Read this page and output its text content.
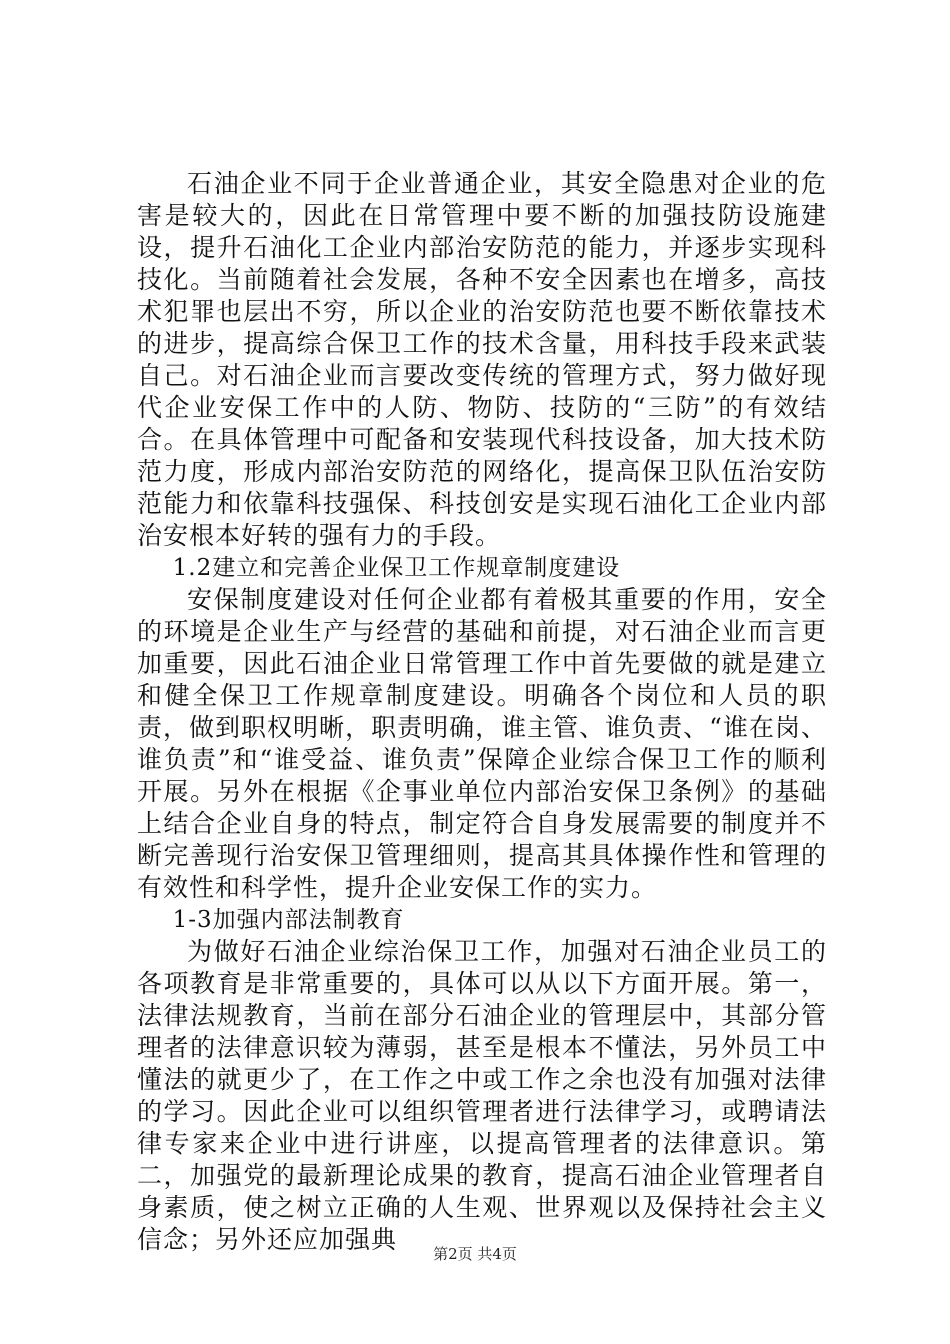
石油企业不同于企业普通企业，其安全隐患对企业的危害是较大的，因此在日常管理中要不断的加强技防设施建设，提升石油化工企业内部治安防范的能力，并逐步实现科技化。当前随着社会发展，各种不安全因素也在增多，高技术犯罪也层出不穷，所以企业的治安防范也要不断依靠技术的进步，提高综合保卫工作的技术含量，用科技手段来武装自己。对石油企业而言要改变传统的管理方式，努力做好现代企业安保工作中的人防、物防、技防的“三防”的有效结合。在具体管理中可配备和安装现代科技设备，加大技术防范力度，形成内部治安防范的网络化，提高保卫队伍治安防范能力和依靠科技强保、科技创安是实现石油化工企业内部治安根本好转的强有力的手段。

1.2建立和完善企业保卫工作规章制度建设

安保制度建设对任何企业都有着极其重要的作用，安全的环境是企业生产与经营的基础和前提，对石油企业而言更加重要，因此石油企业日常管理工作中首先要做的就是建立和健全保卫工作规章制度建设。明确各个岗位和人员的职责，做到职权明晰，职责明确，谁主管、谁负责、“谁在岗、谁负责”和“谁受益、谁负责”保障企业综合保卫工作的顺利开展。另外在根据《企事业单位内部治安保卫条例》的基础上结合企业自身的特点，制定符合自身发展需要的制度并不断完善现行治安保卫管理细则，提高其具体操作性和管理的有效性和科学性，提升企业安保工作的实力。

1-3加强内部法制教育

为做好石油企业综治保卫工作，加强对石油企业员工的各项教育是非常重要的，具体可以从以下方面开展。第一，法律法规教育，当前在部分石油企业的管理层中，其部分管理者的法律意识较为薄弱，甚至是根本不懂法，另外员工中懂法的就更少了，在工作之中或工作之余也没有加强对法律的学习。因此企业可以组织管理者进行法律学习，或聘请法律专家来企业中进行讲座，以提高管理者的法律意识。第二，加强党的最新理论成果的教育，提高石油企业管理者自身素质，使之树立正确的人生观、世界观以及保持社会主义信念；另外还应加强典	第2页 共4页
